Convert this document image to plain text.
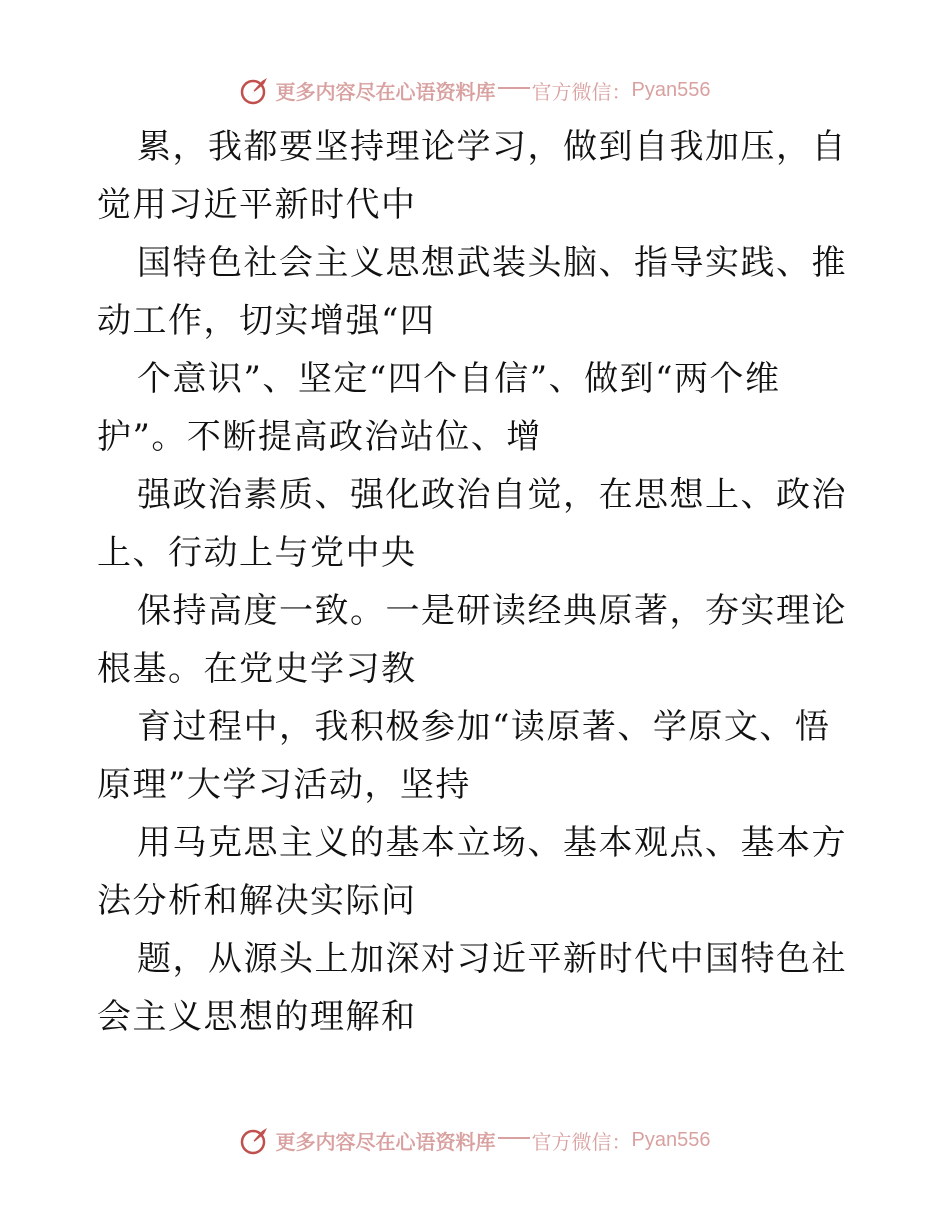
更多内容尽在心语资料库 官方微信： Pyan556

累，我都要坚持理论学习，做到自我加压，自觉用习近平新时代中

国特色社会主义思想武装头脑、指导实践、推动工作，切实增强“四

个意识”、坚定“四个自信”、做到“两个维护”。不断提高政治站位、增

强政治素质、强化政治自觉，在思想上、政治上、行动上与党中央

保持高度一致。一是研读经典原著，夯实理论根基。在党史学习教

育过程中，我积极参加“读原著、学原文、悟原理”大学习活动，坚持

用马克思主义的基本立场、基本观点、基本方法分析和解决实际问

题，从源头上加深对习近平新时代中国特色社会主义思想的理解和

更多内容尽在心语资料库 官方微信： Pyan556
